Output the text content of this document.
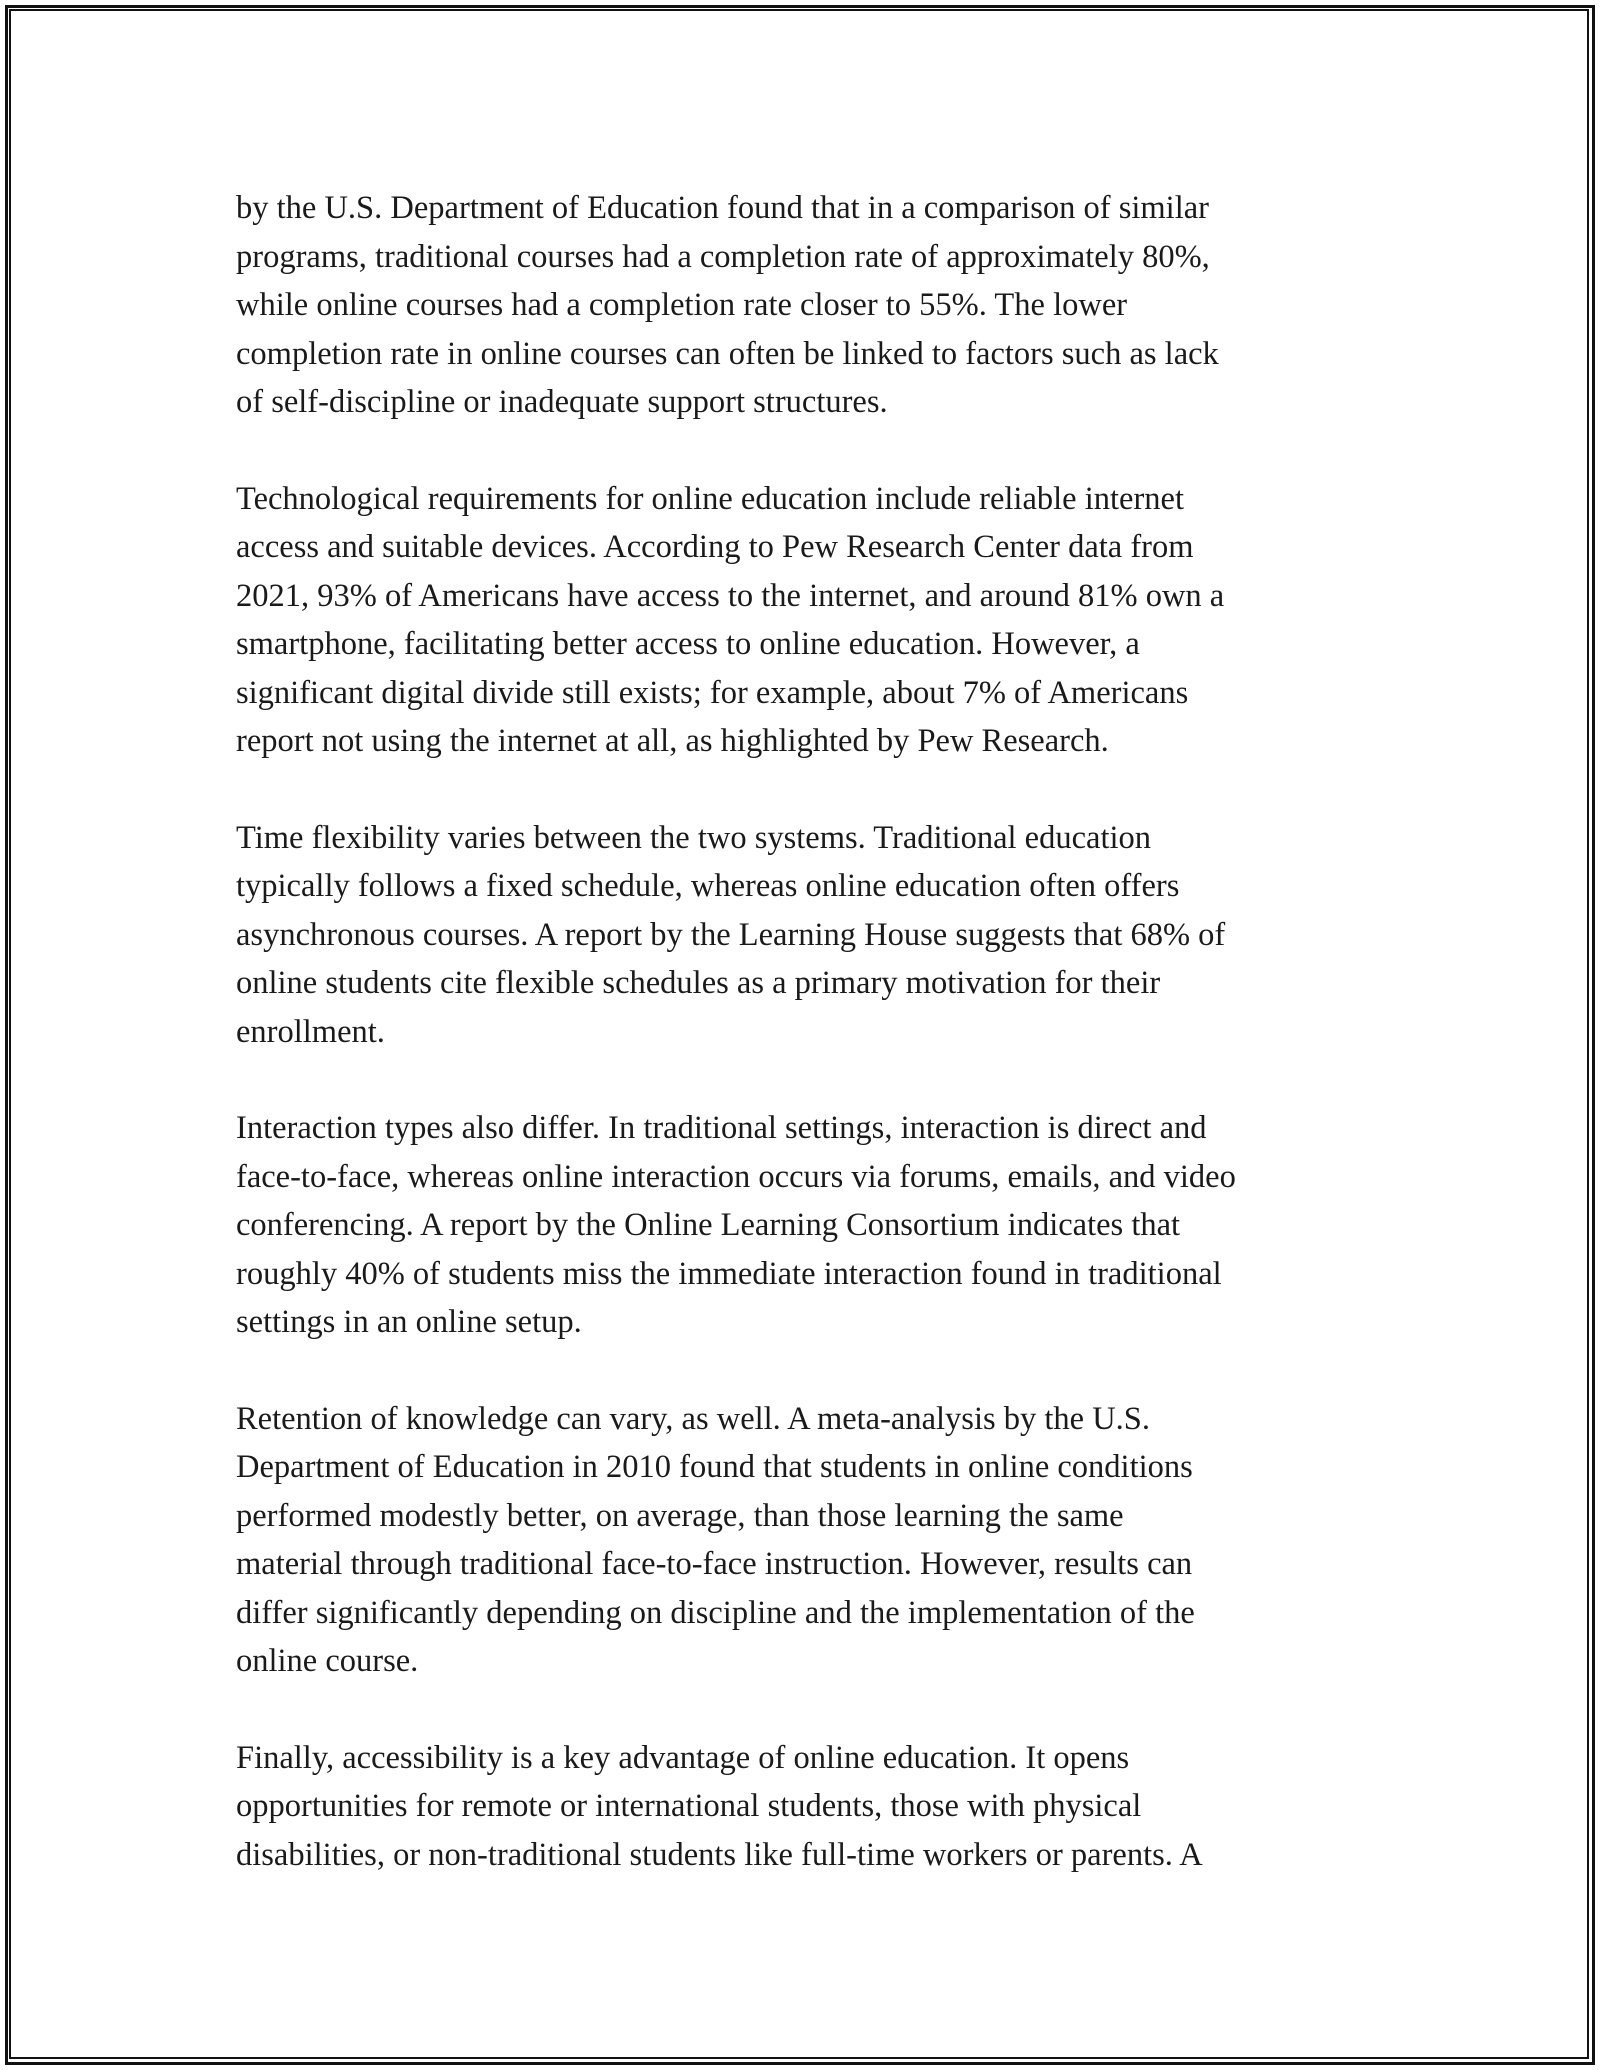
by the U.S. Department of Education found that in a comparison of similar
programs, traditional courses had a completion rate of approximately 80%,
while online courses had a completion rate closer to 55%. The lower
completion rate in online courses can often be linked to factors such as lack
of self-discipline or inadequate support structures.

Technological requirements for online education include reliable internet
access and suitable devices. According to Pew Research Center data from
2021, 93% of Americans have access to the internet, and around 81% own a
smartphone, facilitating better access to online education. However, a
significant digital divide still exists; for example, about 7% of Americans
report not using the internet at all, as highlighted by Pew Research.

Time flexibility varies between the two systems. Traditional education
typically follows a fixed schedule, whereas online education often offers
asynchronous courses. A report by the Learning House suggests that 68% of
online students cite flexible schedules as a primary motivation for their
enrollment.

Interaction types also differ. In traditional settings, interaction is direct and
face-to-face, whereas online interaction occurs via forums, emails, and video
conferencing. A report by the Online Learning Consortium indicates that
roughly 40% of students miss the immediate interaction found in traditional
settings in an online setup.

Retention of knowledge can vary, as well. A meta-analysis by the U.S.
Department of Education in 2010 found that students in online conditions
performed modestly better, on average, than those learning the same
material through traditional face-to-face instruction. However, results can
differ significantly depending on discipline and the implementation of the
online course.

Finally, accessibility is a key advantage of online education. It opens
opportunities for remote or international students, those with physical
disabilities, or non-traditional students like full-time workers or parents. A
